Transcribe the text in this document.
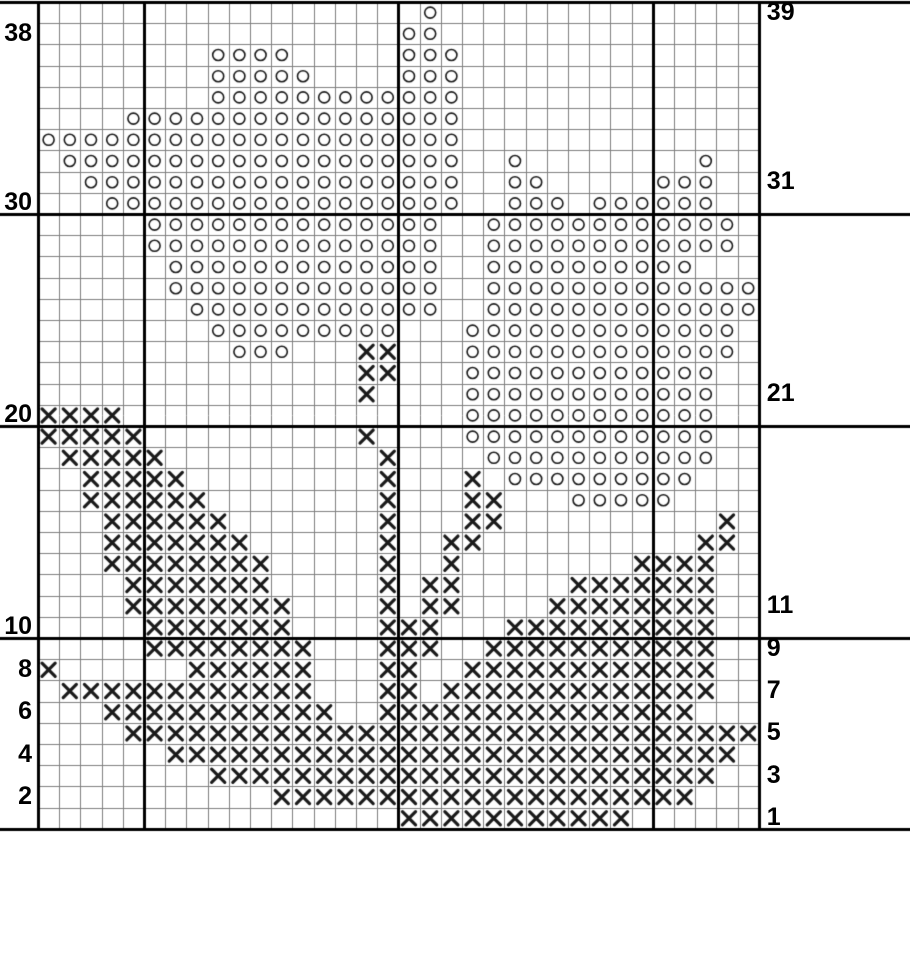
38
30
20
10
8
6
4
2
39
31
21
11
9
7
5
3
1
